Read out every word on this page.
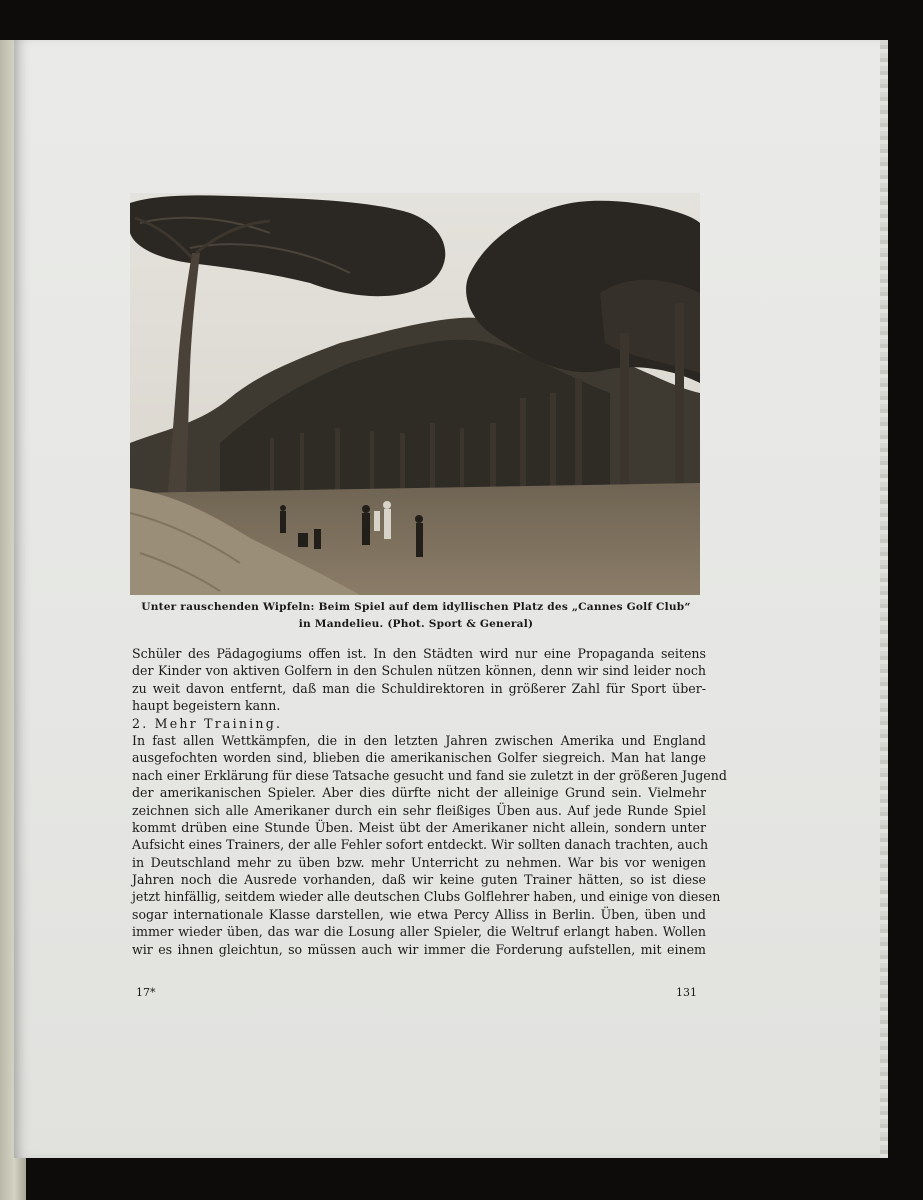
Unter rauschenden Wipfeln: Beim Spiel auf dem idyllischen Platz des „Cannes Golf Club“
in Mandelieu. (Phot. Sport & General)
Schüler des Pädagogiums offen ist. In den Städten wird nur eine Propaganda seitens
der Kinder von aktiven Golfern in den Schulen nützen können, denn wir sind leider noch
zu weit davon entfernt, daß man die Schuldirektoren in größerer Zahl für Sport über-
haupt begeistern kann.
2. Mehr Training.
In fast allen Wettkämpfen, die in den letzten Jahren zwischen Amerika und England
ausgefochten worden sind, blieben die amerikanischen Golfer siegreich. Man hat lange
nach einer Erklärung für diese Tatsache gesucht und fand sie zuletzt in der größeren Jugend
der amerikanischen Spieler. Aber dies dürfte nicht der alleinige Grund sein. Vielmehr
zeichnen sich alle Amerikaner durch ein sehr fleißiges Üben aus. Auf jede Runde Spiel
kommt drüben eine Stunde Üben. Meist übt der Amerikaner nicht allein, sondern unter
Aufsicht eines Trainers, der alle Fehler sofort entdeckt. Wir sollten danach trachten, auch
in Deutschland mehr zu üben bzw. mehr Unterricht zu nehmen. War bis vor wenigen
Jahren noch die Ausrede vorhanden, daß wir keine guten Trainer hätten, so ist diese
jetzt hinfällig, seitdem wieder alle deutschen Clubs Golflehrer haben, und einige von diesen
sogar internationale Klasse darstellen, wie etwa Percy Alliss in Berlin. Üben, üben und
immer wieder üben, das war die Losung aller Spieler, die Weltruf erlangt haben. Wollen
wir es ihnen gleichtun, so müssen auch wir immer die Forderung aufstellen, mit einem
17*	131
